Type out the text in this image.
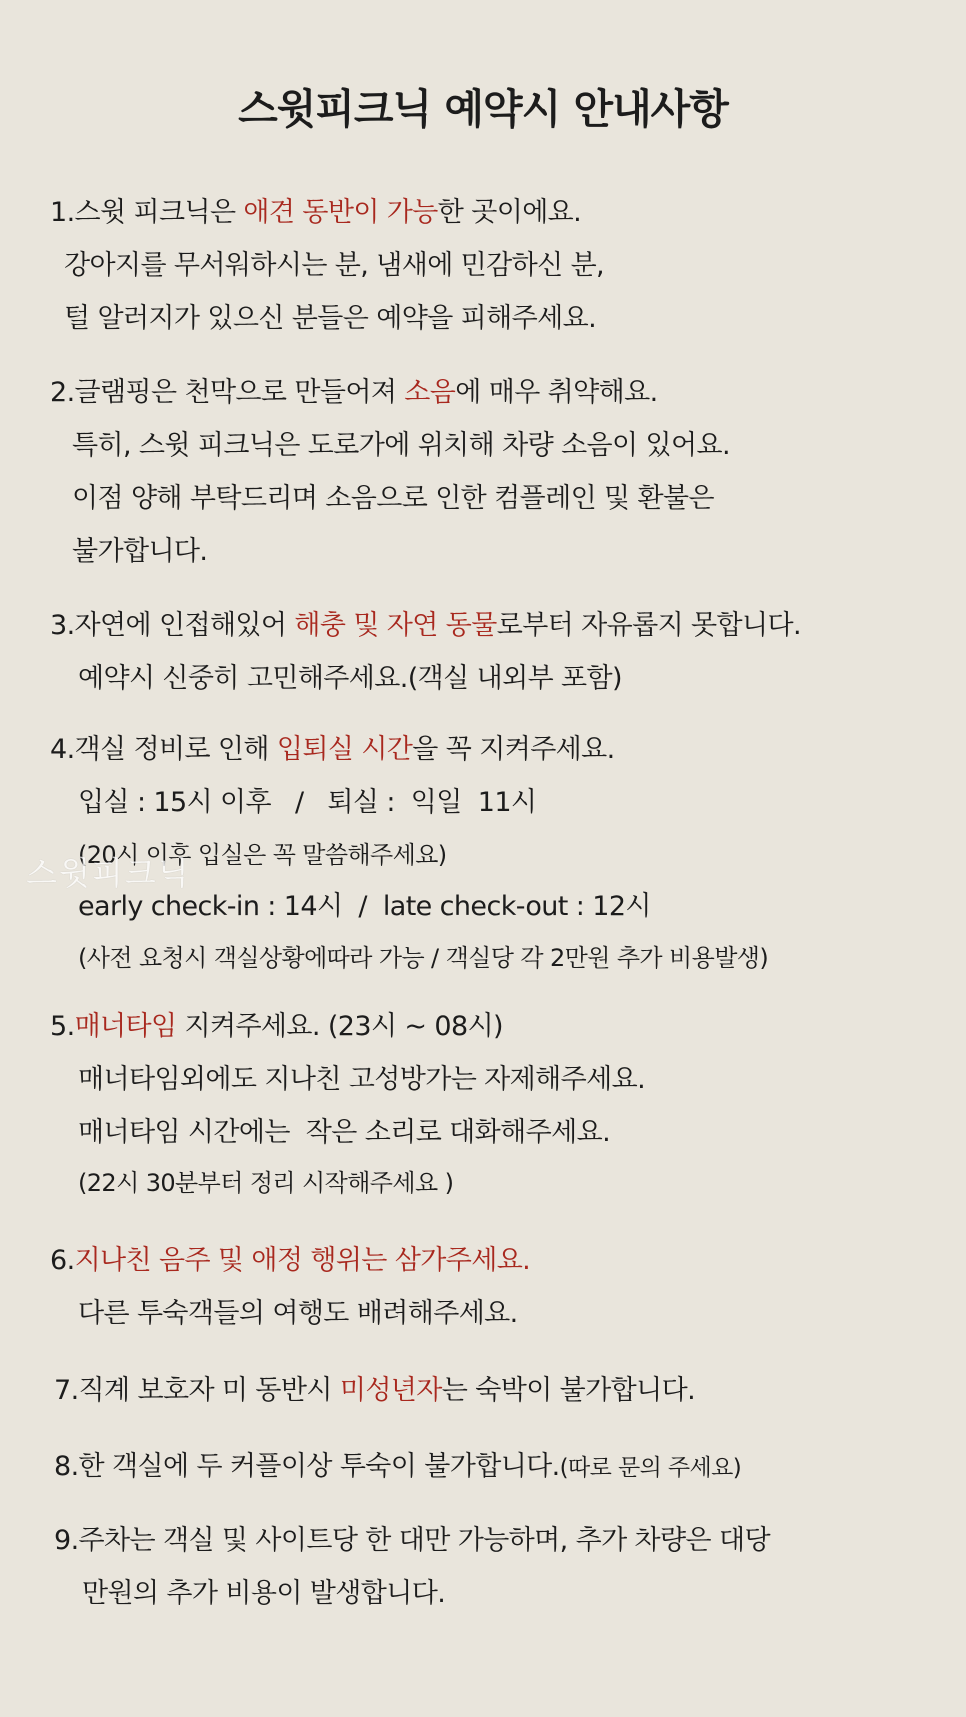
스윗피크닉 예약시 안내사항
1.스윗 피크닉은 애견 동반이 가능한 곳이에요.
강아지를 무서워하시는 분, 냄새에 민감하신 분,
털 알러지가 있으신 분들은 예약을 피해주세요.
2.글램핑은 천막으로 만들어져 소음에 매우 취약해요.
특히, 스윗 피크닉은 도로가에 위치해 차량 소음이 있어요.
이점 양해 부탁드리며 소음으로 인한 컴플레인 및 환불은
불가합니다.
3.자연에 인접해있어 해충 및 자연 동물로부터 자유롭지 못합니다.
예약시 신중히 고민해주세요.(객실 내외부 포함)
4.객실 정비로 인해 입퇴실 시간을 꼭 지켜주세요.
입실 : 15시 이후   /   퇴실 :  익일  11시
(20시 이후 입실은 꼭 말씀해주세요)
early check-in : 14시  /  late check-out : 12시
(사전 요청시 객실상황에따라 가능 / 객실당 각 2만원 추가 비용발생)
5.매너타임 지켜주세요. (23시 ~ 08시)
매너타임외에도 지나친 고성방가는 자제해주세요.
매너타임 시간에는  작은 소리로 대화해주세요.
(22시 30분부터 정리 시작해주세요 )
6.지나친 음주 및 애정 행위는 삼가주세요.
다른 투숙객들의 여행도 배려해주세요.
7.직계 보호자 미 동반시 미성년자는 숙박이 불가합니다.
8.한 객실에 두 커플이상 투숙이 불가합니다.(따로 문의 주세요)
9.주차는 객실 및 사이트당 한 대만 가능하며, 추가 차량은 대당
만원의 추가 비용이 발생합니다.
스윗피크닉
